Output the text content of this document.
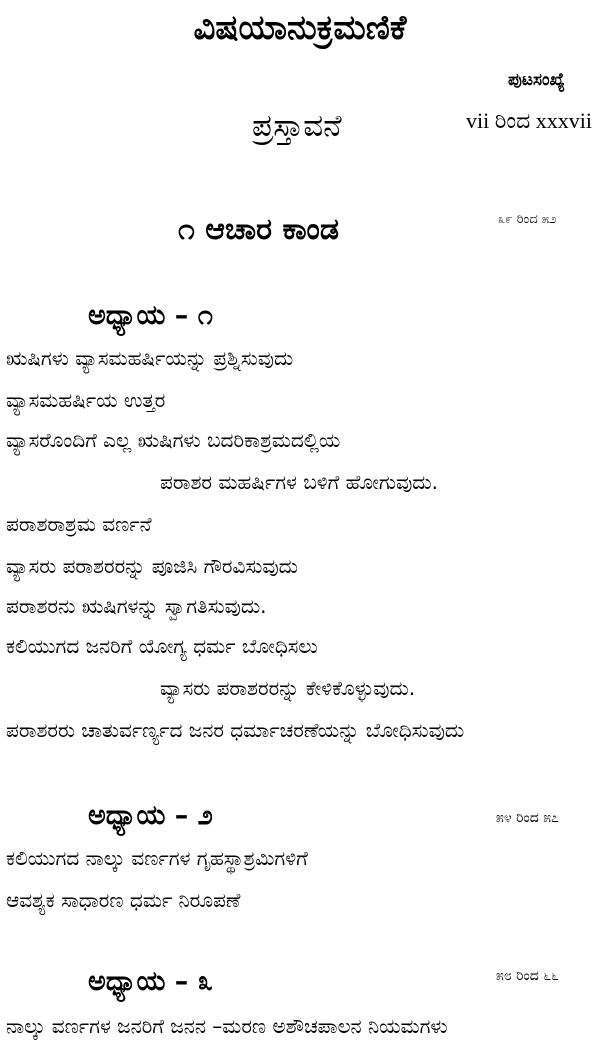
ವಿಷಯಾನುಕ್ರಮಣಿಕೆ
ಪುಟಸಂಖ್ಯೆ
ಪ್ರಸ್ತಾವನೆ	vii ರಿಂದ xxxvii
೧ ಆಚಾರ ಕಾಂಡ	೩೯ ರಿಂದ ೫೨
ಅಧ್ಯಾಯ – ೧
ಋಷಿಗಳು ವ್ಯಾಸಮಹರ್ಷಿಯನ್ನು ಪ್ರಶ್ನಿಸುವುದು
ವ್ಯಾಸಮಹರ್ಷಿಯ ಉತ್ತರ
ವ್ಯಾಸರೊಂದಿಗೆ ಎಲ್ಲ ಋಷಿಗಳು ಬದರಿಕಾಶ್ರಮದಲ್ಲಿಯ
ಪರಾಶರ ಮಹರ್ಷಿಗಳ ಬಳಿಗೆ ಹೋಗುವುದು.
ಪರಾಶರಾಶ್ರಮ ವರ್ಣನೆ
ವ್ಯಾಸರು ಪರಾಶರರನ್ನು ಪೂಜಿಸಿ ಗೌರವಿಸುವುದು
ಪರಾಶರನು ಋಷಿಗಳನ್ನು ಸ್ವಾಗತಿಸುವುದು.
ಕಲಿಯುಗದ ಜನರಿಗೆ ಯೋಗ್ಯ ಧರ್ಮ ಬೋಧಿಸಲು
ವ್ಯಾಸರು ಪರಾಶರರನ್ನು ಕೇಳಿಕೊಳ್ಳುವುದು.
ಪರಾಶರರು ಚಾತುರ್ವರ್ಣ್ಯದ ಜನರ ಧರ್ಮಾಚರಣೆಯನ್ನು ಬೋಧಿಸುವುದು
ಅಧ್ಯಾಯ – ೨	೫೪ ರಿಂದ ೫೭
ಕಲಿಯುಗದ ನಾಲ್ಕು ವರ್ಣಗಳ ಗೃಹಸ್ಥಾಶ್ರಮಿಗಳಿಗೆ
ಆವಶ್ಯಕ ಸಾಧಾರಣ ಧರ್ಮ ನಿರೂಪಣೆ
ಅಧ್ಯಾಯ – ೩	೫೮ ರಿಂದ ೬೬
ನಾಲ್ಕು ವರ್ಣಗಳ ಜನರಿಗೆ ಜನನ –ಮರಣ ಅಶೌಚಪಾಲನ ನಿಯಮಗಳು
